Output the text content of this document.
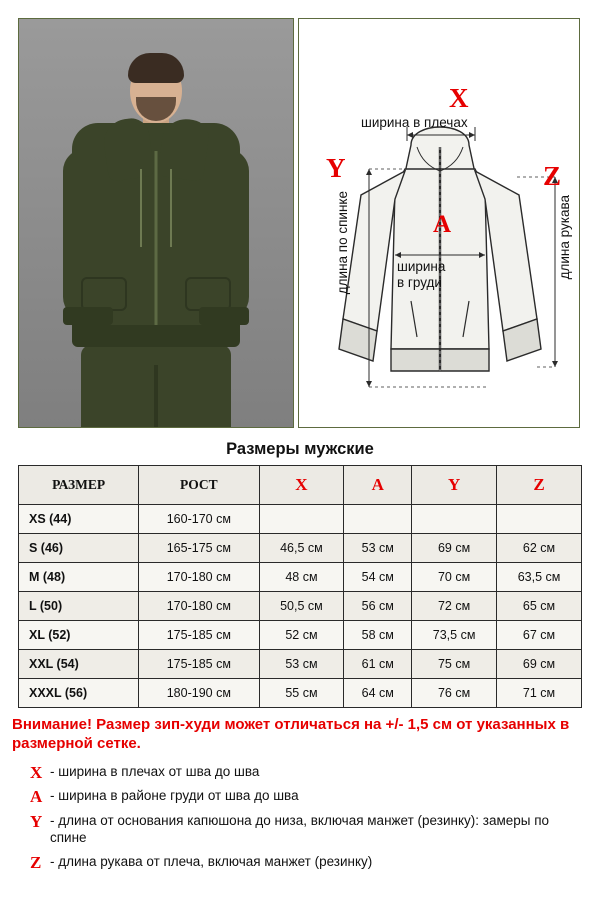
X
ширина в плечах
Y	Z
A
ширина
в груди
длина по спинке	длина рукава
Размеры мужские
РАЗМЕР	РОСТ	X	A	Y	Z
XS (44)	160-170 см				
S (46)	165-175 см	46,5 см	53 см	69 см	62 см
M (48)	170-180 см	48 см	54 см	70 см	63,5 см
L (50)	170-180 см	50,5 см	56 см	72 см	65 см
XL (52)	175-185 см	52 см	58 см	73,5 см	67 см
XXL (54)	175-185 см	53 см	61 см	75 см	69 см
XXXL (56)	180-190 см	55 см	64 см	76 см	71 см
Внимание! Размер зип-худи может отличаться на +/- 1,5 см от указанных в размерной сетке.
X - ширина в плечах от шва до шва
A - ширина в районе груди от шва до шва
Y - длина от основания капюшона до низа, включая манжет (резинку): замеры по спине
Z - длина рукава от плеча, включая манжет (резинку)
